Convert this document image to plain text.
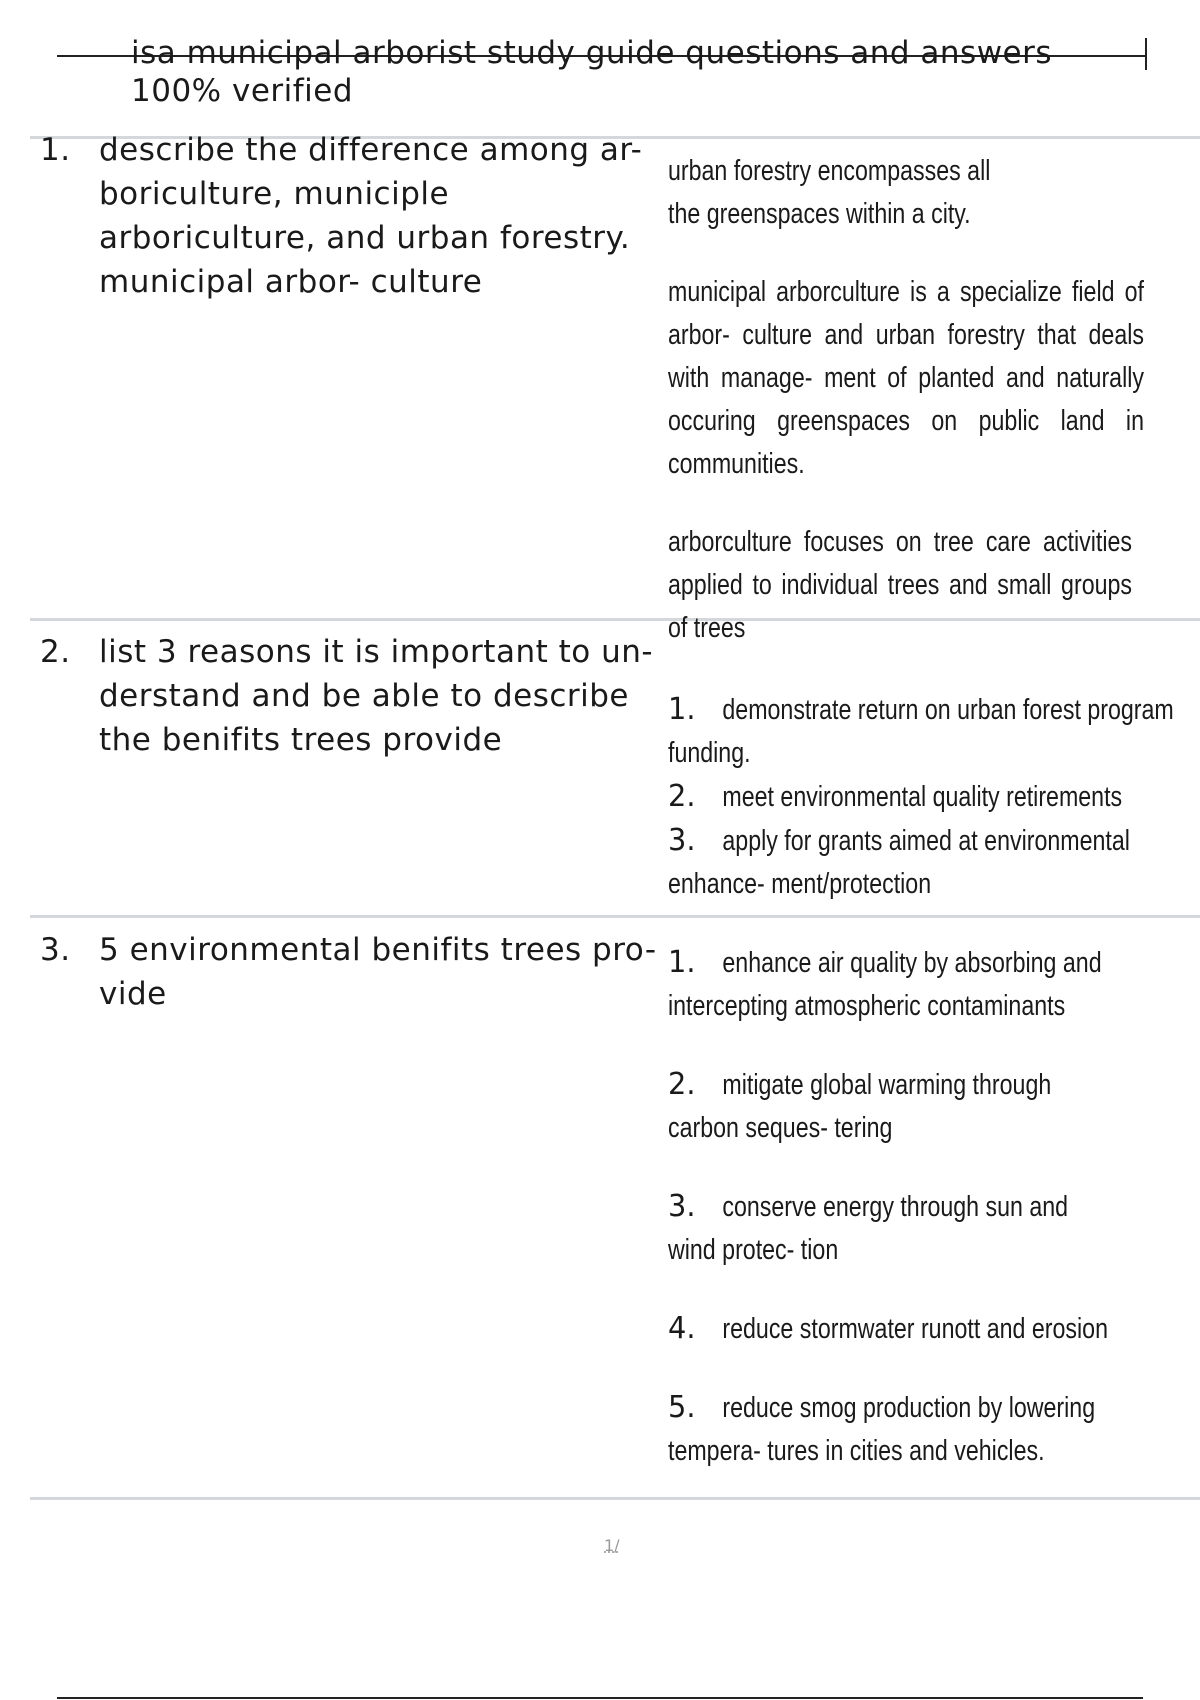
isa municipal arborist study guide questions and answers
100% verified
1. describe the difference among ar- boriculture, municiple arboriculture, and urban forestry. municipal arbor- culture

urban forestry encompasses all the greenspaces within a city.

municipal arborculture is a specialize field of arbor- culture and urban forestry that deals with manage- ment of planted and naturally occuring greenspaces on public land in communities.

arborculture focuses on tree care activities applied to individual trees and small groups of trees

2. list 3 reasons it is important to un- derstand and be able to describe the benifits trees provide
1. demonstrate return on urban forest program funding.
2. meet environmental quality retirements
3. apply for grants aimed at environmental enhance- ment/protection
3. 5 environmental benifits trees pro- vide

1. enhance air quality by absorbing and intercepting atmospheric contaminants

2. mitigate global warming through carbon seques- tering

3. conserve energy through sun and wind protec- tion

4. reduce stormwater runott and erosion

5. reduce smog production by lowering tempera- tures in cities and vehicles.

1/
